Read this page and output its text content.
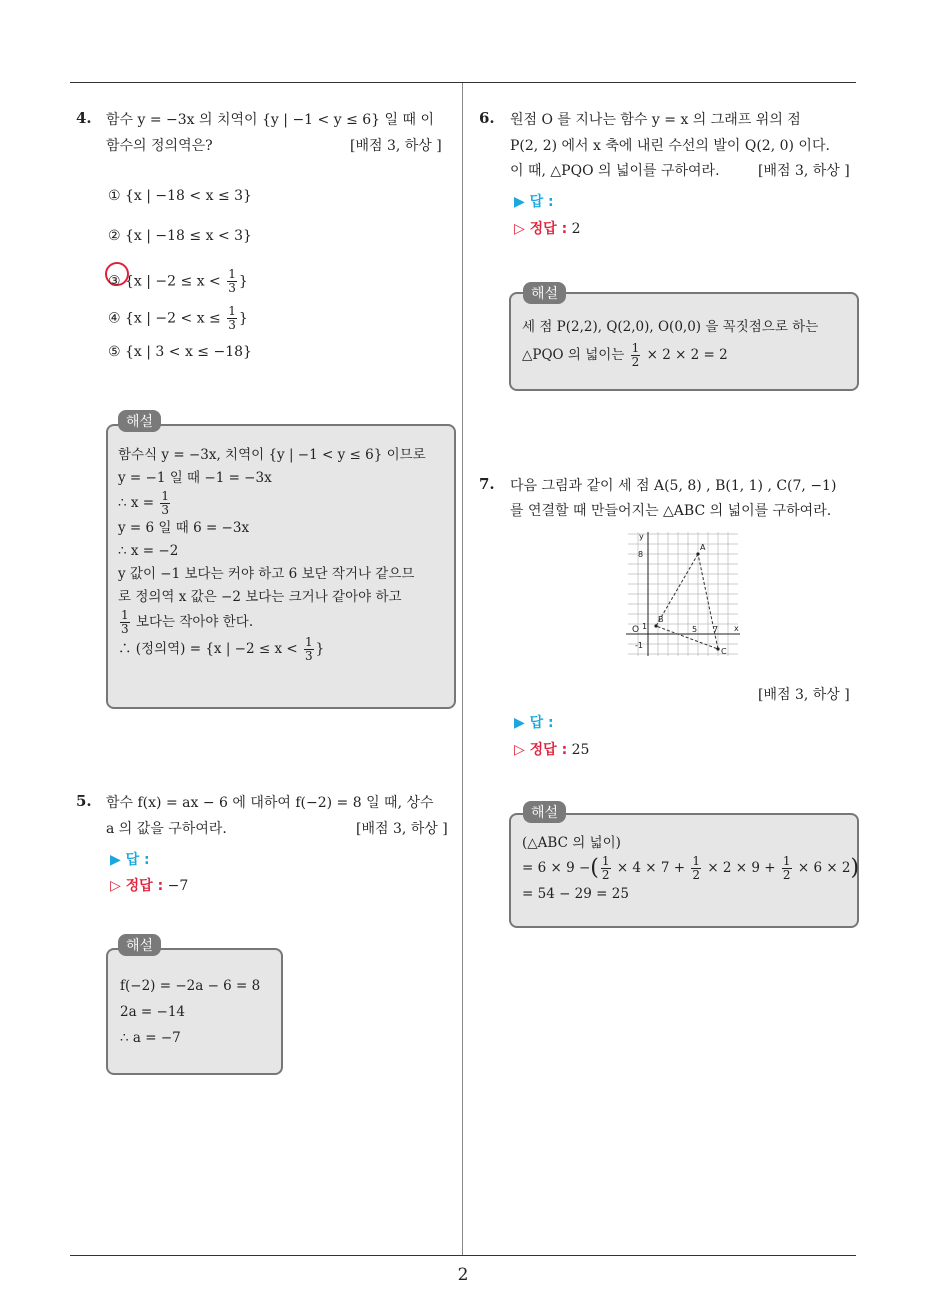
4. 함수 y = −3x 의 치역이 {y | −1 < y ≤ 6} 일 때 이
함수의 정의역은?	[배점 3, 하상 ]
① {x | −18 < x ≤ 3}
② {x | −18 ≤ x < 3}
③ {x | $-2 \le x < \frac{1}{3}$ }
④ {x | $-2 < x \le \frac{1}{3}$ }
⑤ {x | 3 < x ≤ −18}
해설
함수식 y = −3x, 치역이 {y | −1 < y ≤ 6} 이므로
y = −1 일 때 −1 = −3x
∴ $x = \frac{1}{3}$
y = 6 일 때 6 = −3x
∴ x = −2
y 값이 −1 보다는 커야 하고 6 보단 작거나 같으므
로 정의역 x 값은 −2 보다는 크거나 같아야 하고
$\frac{1}{3}$ 보다는 작아야 한다.
∴ (정의역) = {x | $-2 \le x < \frac{1}{3}$ }
5. 함수 f(x) = ax − 6 에 대하여 f(−2) = 8 일 때, 상수
a 의 값을 구하여라.	[배점 3, 하상 ]
▶ 답 :
▷ 정답 : −7
해설
f(−2) = −2a − 6 = 8
2a = −14
∴ a = −7
6. 원점 O 를 지나는 함수 y = x 의 그래프 위의 점
P(2, 2) 에서 x 축에 내린 수선의 발이 Q(2, 0) 이다.
이 때, △PQO 의 넓이를 구하여라.	[배점 3, 하상 ]
▶ 답 :
▷ 정답 : 2
해설
세 점 P(2,2), Q(2,0), O(0,0) 을 꼭짓점으로 하는
△PQO 의 넓이는 $\frac{1}{2} \times 2 \times 2 = 2$
7. 다음 그림과 같이 세 점 A(5, 8) , B(1, 1) , C(7, −1)
를 연결할 때 만들어지는 △ABC 의 넓이를 구하여라.
y
x
O
A
B
C
8
5 7
-1
1
[배점 3, 하상 ]
▶ 답 :
▷ 정답 : 25
해설
(△ABC 의 넓이)
= 6 × 9 −( $\frac{1}{2} \times 4 \times 7 + \frac{1}{2} \times 2 \times 9 + \frac{1}{2} \times 6 \times 2$)
= 54 − 29 = 25
2
